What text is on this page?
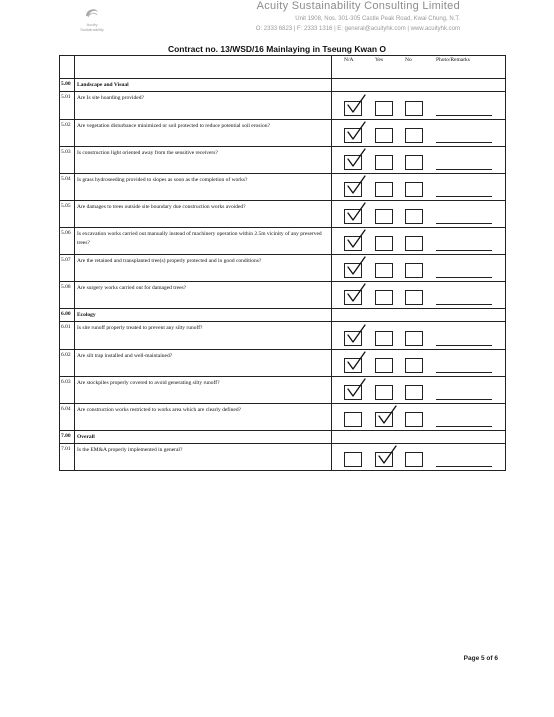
Acuity
Sustainability
Acuity Sustainability Consulting Limited
Unit 1908, Nos. 301-305 Castle Peak Road, Kwai Chung, N.T.
O: 2333 6823 | F: 2333 1316 | E: general@acuityhk.com | www.acuityhk.com
Contract no. 13/WSD/16 Mainlaying in Tseung Kwan O

		N/A Yes No Photo/Remarks

5.00	Landscape and Visual	
5.01	Are Is site hoarding provided?	

5.02	Are vegetation disturbance minimized or soil protected to reduce potential soil erosion?	

5.03	Is construction light oriented away from the sensitive receivers?	

5.04	Is grass hydroseeding provided to slopes as soon as the completion of works?	

5.05	Are damages to trees outside site boundary due construction works avoided?	

5.06	Is excavation works carried out manually instead of machinery operation within 2.5m vicinity of any preserved trees?	

5.07	Are the retained and transplanted tree(s) properly protected and in good conditions?	

5.08	Are surgery works carried out for damaged trees?	

6.00	Ecology	
6.01	Is site runoff properly treated to prevent any silty runoff?	

6.02	Are silt trap installed and well-maintained?	

6.03	Are stockpiles properly covered to avoid generating silty runoff?	

6.04	Are construction works restricted to works area which are clearly defined?	

7.00	Overall	
7.01	Is the EM&A properly implemented in general?	
Page 5 of 6
